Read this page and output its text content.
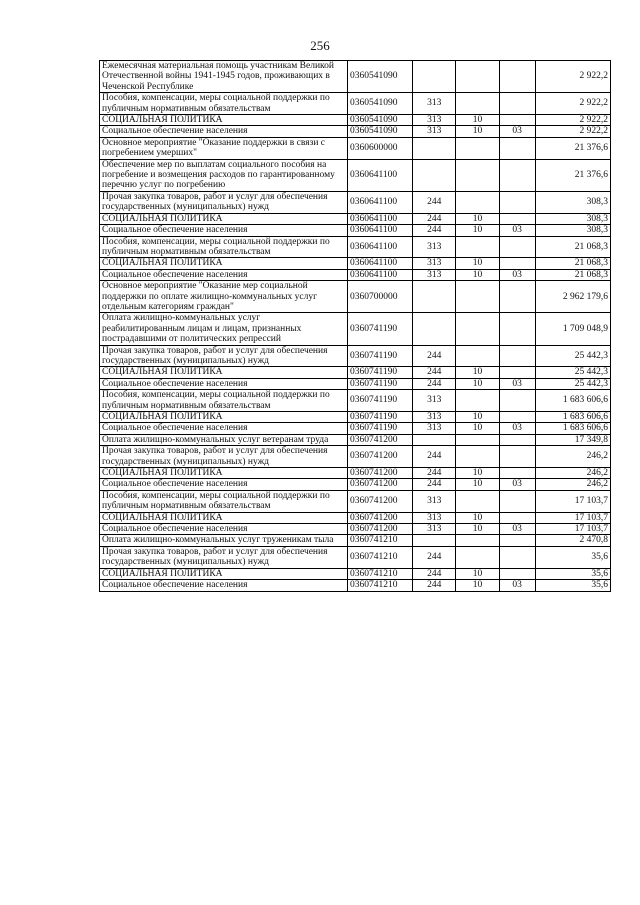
256
Ежемесячная материальная помощь участникам Великой Отечественной войны 1941-1945 годов, проживающих в Чеченской Республике	0360541090				2 922,2
Пособия, компенсации, меры социальной поддержки по публичным нормативным обязательствам	0360541090	313			2 922,2
СОЦИАЛЬНАЯ ПОЛИТИКА	0360541090	313	10		2 922,2
Социальное обеспечение населения	0360541090	313	10	03	2 922,2
Основное мероприятие "Оказание поддержки в связи с погребением умерших"	0360600000				21 376,6
Обеспечение мер по выплатам социального пособия на погребение и возмещения расходов по гарантированному перечню услуг по погребению	0360641100				21 376,6
Прочая закупка товаров, работ и услуг для обеспечения государственных (муниципальных) нужд	0360641100	244			308,3
СОЦИАЛЬНАЯ ПОЛИТИКА	0360641100	244	10		308,3
Социальное обеспечение населения	0360641100	244	10	03	308,3
Пособия, компенсации, меры социальной поддержки по публичным нормативным обязательствам	0360641100	313			21 068,3
СОЦИАЛЬНАЯ ПОЛИТИКА	0360641100	313	10		21 068,3
Социальное обеспечение населения	0360641100	313	10	03	21 068,3
Основное мероприятие "Оказание мер социальной поддержки по оплате жилищно-коммунальных услуг отдельным категориям граждан"	0360700000				2 962 179,6
Оплата жилищно-коммунальных услуг реабилитированным лицам и лицам, признанных пострадавшими от политических репрессий	0360741190				1 709 048,9
Прочая закупка товаров, работ и услуг для обеспечения государственных (муниципальных) нужд	0360741190	244			25 442,3
СОЦИАЛЬНАЯ ПОЛИТИКА	0360741190	244	10		25 442,3
Социальное обеспечение населения	0360741190	244	10	03	25 442,3
Пособия, компенсации, меры социальной поддержки по публичным нормативным обязательствам	0360741190	313			1 683 606,6
СОЦИАЛЬНАЯ ПОЛИТИКА	0360741190	313	10		1 683 606,6
Социальное обеспечение населения	0360741190	313	10	03	1 683 606,6
Оплата жилищно-коммунальных услуг ветеранам труда	0360741200				17 349,8
Прочая закупка товаров, работ и услуг для обеспечения государственных (муниципальных) нужд	0360741200	244			246,2
СОЦИАЛЬНАЯ ПОЛИТИКА	0360741200	244	10		246,2
Социальное обеспечение населения	0360741200	244	10	03	246,2
Пособия, компенсации, меры социальной поддержки по публичным нормативным обязательствам	0360741200	313			17 103,7
СОЦИАЛЬНАЯ ПОЛИТИКА	0360741200	313	10		17 103,7
Социальное обеспечение населения	0360741200	313	10	03	17 103,7
Оплата жилищно-коммунальных услуг труженикам тыла	0360741210				2 470,8
Прочая закупка товаров, работ и услуг для обеспечения государственных (муниципальных) нужд	0360741210	244			35,6
СОЦИАЛЬНАЯ ПОЛИТИКА	0360741210	244	10		35,6
Социальное обеспечение населения	0360741210	244	10	03	35,6
